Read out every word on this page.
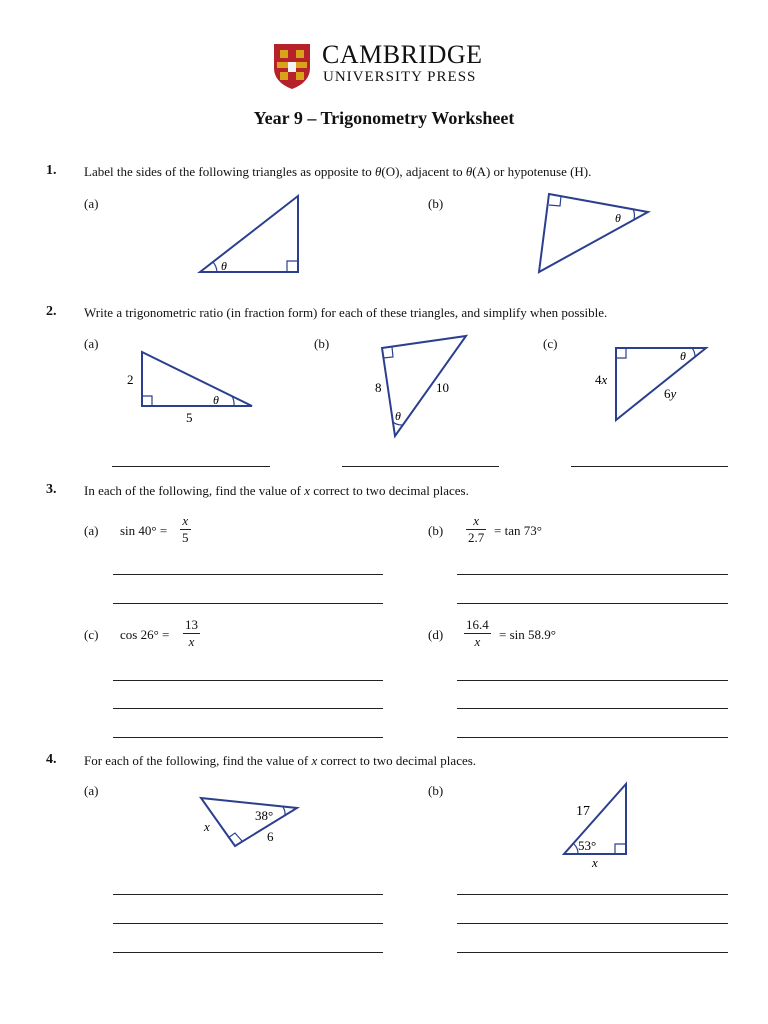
CAMBRIDGE
UNIVERSITY PRESS
Year 9 – Trigonometry Worksheet
1. Label the sides of the following triangles as opposite to θ(O), adjacent to θ(A) or hypotenuse (H).
(a)	(b)
θ
θ
2. Write a trigonometric ratio (in fraction form) for each of these triangles, and simplify when possible.
(a)	(b)	(c)
2
5
θ
8	10
θ
4x
6y
θ
3. In each of the following, find the value of x correct to two decimal places.
(a) $\sin 40^\circ = \frac{x}{5}$	$(b) \frac{x}{2.7} = \tan 73^\circ$
(c) $\cos 26^\circ = \frac{13}{x}$	$(d) \frac{16.4}{x} = \sin 58.9^\circ$
4. For each of the following, find the value of x correct to two decimal places.
(a)	(b)
38°
6
x
17
53°
x
